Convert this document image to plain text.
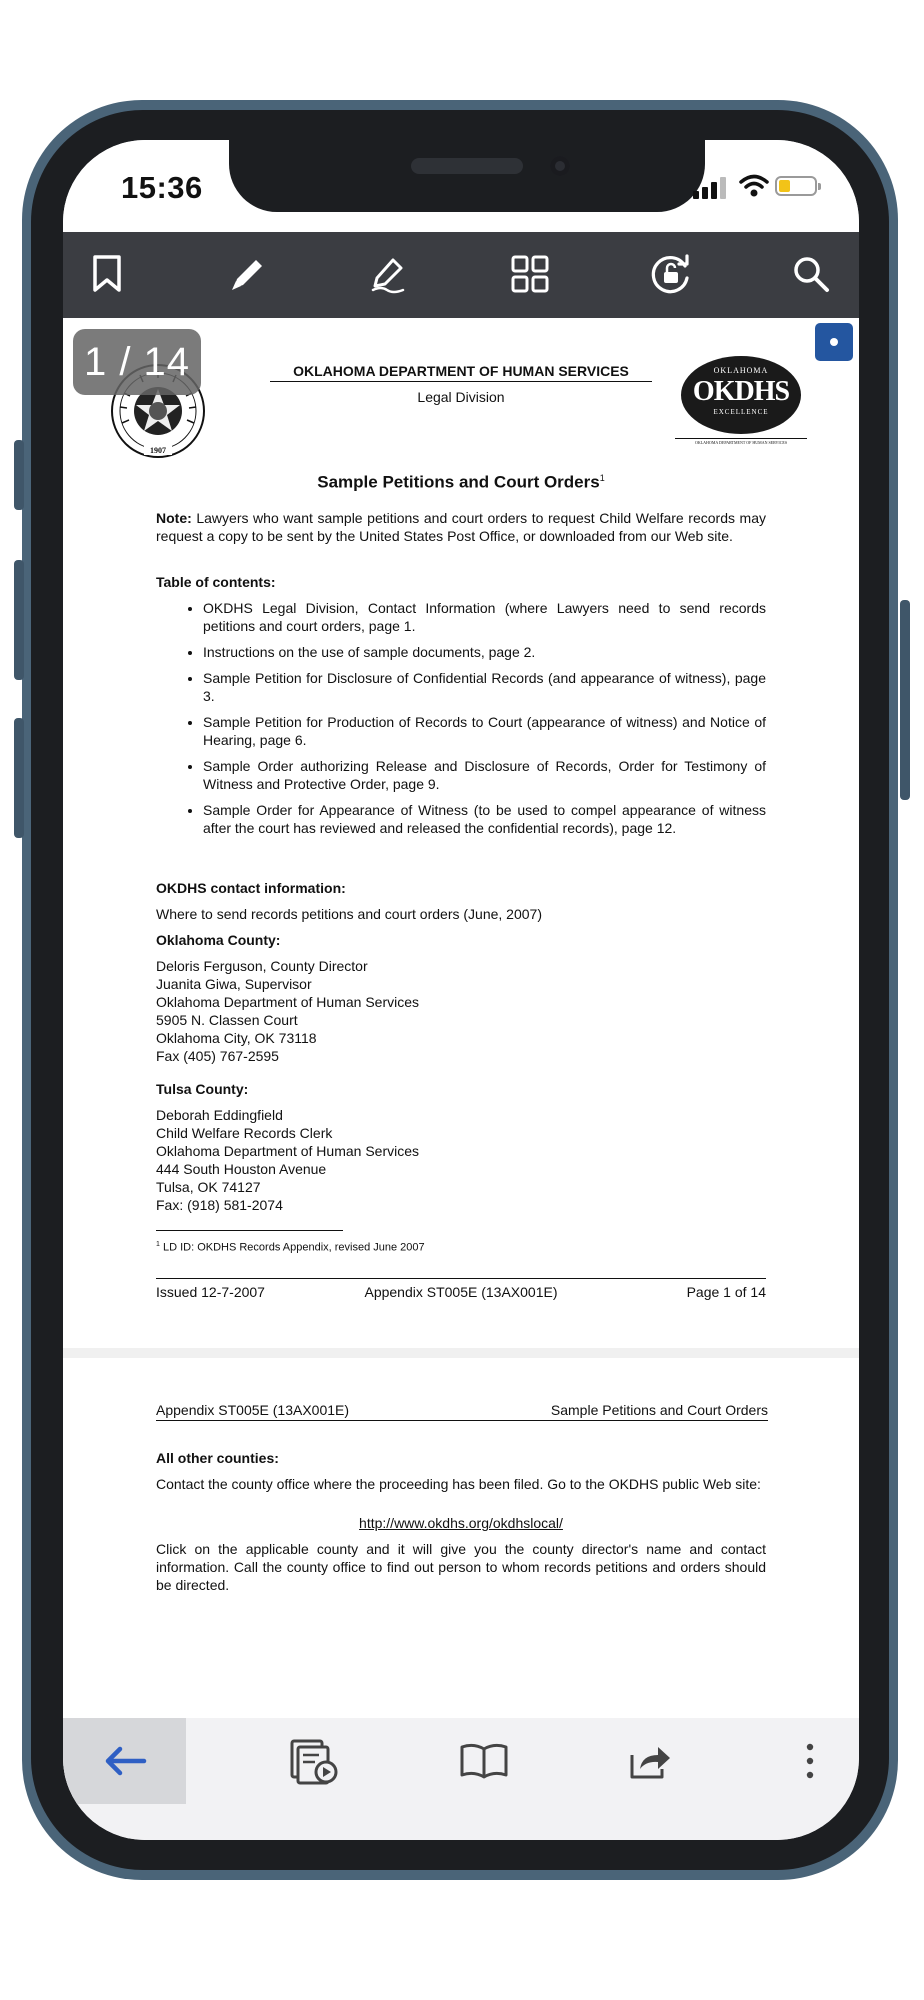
15:36
1907
1 / 14	OKLAHOMA DEPARTMENT OF HUMAN SERVICES
Legal Division
OKLAHOMA
OKDHS
EXCELLENCE
OKLAHOMA DEPARTMENT OF HUMAN SERVICES
Sample Petitions and Court Orders$^1$
Note: Lawyers who want sample petitions and court orders to request Child Welfare records may request a copy to be sent by the United States Post Office, or downloaded from our Web site.
Table of contents:
• OKDHS Legal Division, Contact Information (where Lawyers need to send records petitions and court orders, page 1.
• Instructions on the use of sample documents, page 2.
• Sample Petition for Disclosure of Confidential Records (and appearance of witness), page 3.
• Sample Petition for Production of Records to Court (appearance of witness) and Notice of Hearing, page 6.
• Sample Order authorizing Release and Disclosure of Records, Order for Testimony of Witness and Protective Order, page 9.
• Sample Order for Appearance of Witness (to be used to compel appearance of witness after the court has reviewed and released the confidential records), page 12.
OKDHS contact information:
Where to send records petitions and court orders (June, 2007)
Oklahoma County:
Deloris Ferguson, County Director
Juanita Giwa, Supervisor
Oklahoma Department of Human Services
5905 N. Classen Court
Oklahoma City, OK 73118
Fax (405) 767-2595
Tulsa County:
Deborah Eddingfield
Child Welfare Records Clerk
Oklahoma Department of Human Services
444 South Houston Avenue
Tulsa, OK 74127
Fax: (918) 581-2074
$^1$ LD ID: OKDHS Records Appendix, revised June 2007
Issued 12-7-2007	Appendix ST005E (13AX001E)	Page 1 of 14
Appendix ST005E (13AX001E)	Sample Petitions and Court Orders
All other counties:
Contact the county office where the proceeding has been filed. Go to the OKDHS public Web site:
http://www.okdhs.org/okdhslocal/
Click on the applicable county and it will give you the county director's name and contact information. Call the county office to find out person to whom records petitions and orders should be directed.
